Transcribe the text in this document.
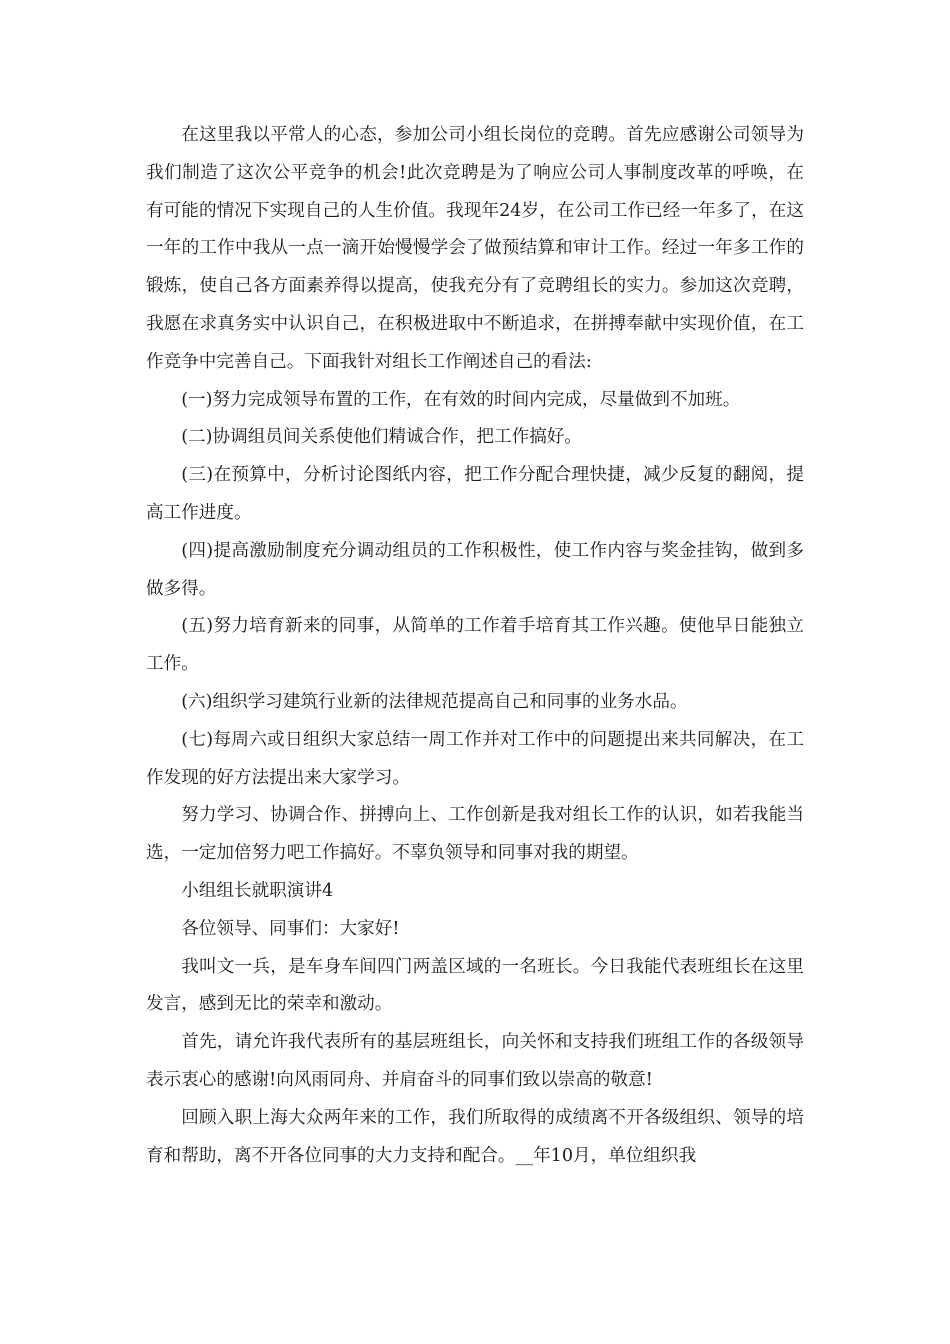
在这里我以平常人的心态，参加公司小组长岗位的竞聘。首先应感谢公司领导为我们制造了这次公平竞争的机会!此次竞聘是为了响应公司人事制度改革的呼唤，在有可能的情况下实现自己的人生价值。我现年24岁，在公司工作已经一年多了，在这一年的工作中我从一点一滴开始慢慢学会了做预结算和审计工作。经过一年多工作的锻炼，使自己各方面素养得以提高，使我充分有了竞聘组长的实力。参加这次竞聘，我愿在求真务实中认识自己，在积极进取中不断追求，在拼搏奉献中实现价值，在工作竞争中完善自己。下面我针对组长工作阐述自己的看法:

(一)努力完成领导布置的工作，在有效的时间内完成，尽量做到不加班。

(二)协调组员间关系使他们精诚合作，把工作搞好。

(三)在预算中，分析讨论图纸内容，把工作分配合理快捷，减少反复的翻阅，提高工作进度。

(四)提高激励制度充分调动组员的工作积极性，使工作内容与奖金挂钩，做到多做多得。

(五)努力培育新来的同事，从简单的工作着手培育其工作兴趣。使他早日能独立工作。

(六)组织学习建筑行业新的法律规范提高自己和同事的业务水品。

(七)每周六或日组织大家总结一周工作并对工作中的问题提出来共同解决，在工作发现的好方法提出来大家学习。

努力学习、协调合作、拼搏向上、工作创新是我对组长工作的认识，如若我能当选，一定加倍努力吧工作搞好。不辜负领导和同事对我的期望。

小组组长就职演讲4

各位领导、同事们：大家好!

我叫文一兵，是车身车间四门两盖区域的一名班长。今日我能代表班组长在这里发言，感到无比的荣幸和激动。

首先，请允许我代表所有的基层班组长，向关怀和支持我们班组工作的各级领导表示衷心的感谢!向风雨同舟、并肩奋斗的同事们致以崇高的敬意!

回顾入职上海大众两年来的工作，我们所取得的成绩离不开各级组织、领导的培育和帮助，离不开各位同事的大力支持和配合。__年10月，单位组织我
